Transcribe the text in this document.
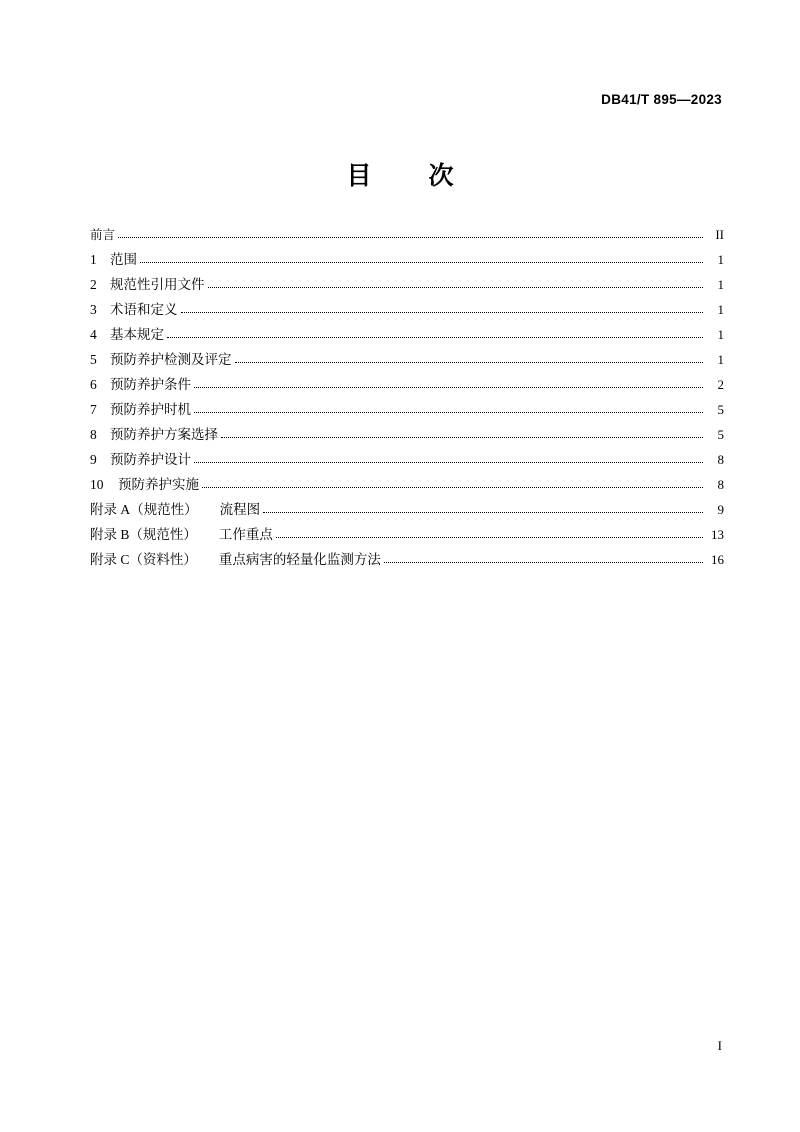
DB41/T 895—2023
目　次
前言	II
1 范围	1
2 规范性引用文件	1
3 术语和定义	1
4 基本规定	1
5 预防养护检测及评定	1
6 预防养护条件	2
7 预防养护时机	5
8 预防养护方案选择	5
9 预防养护设计	8
10	预防养护实施	8
附录 A（规范性）	流程图	9
附录 B（规范性）	工作重点	13
附录 C（资料性）	重点病害的轻量化监测方法	16
I
